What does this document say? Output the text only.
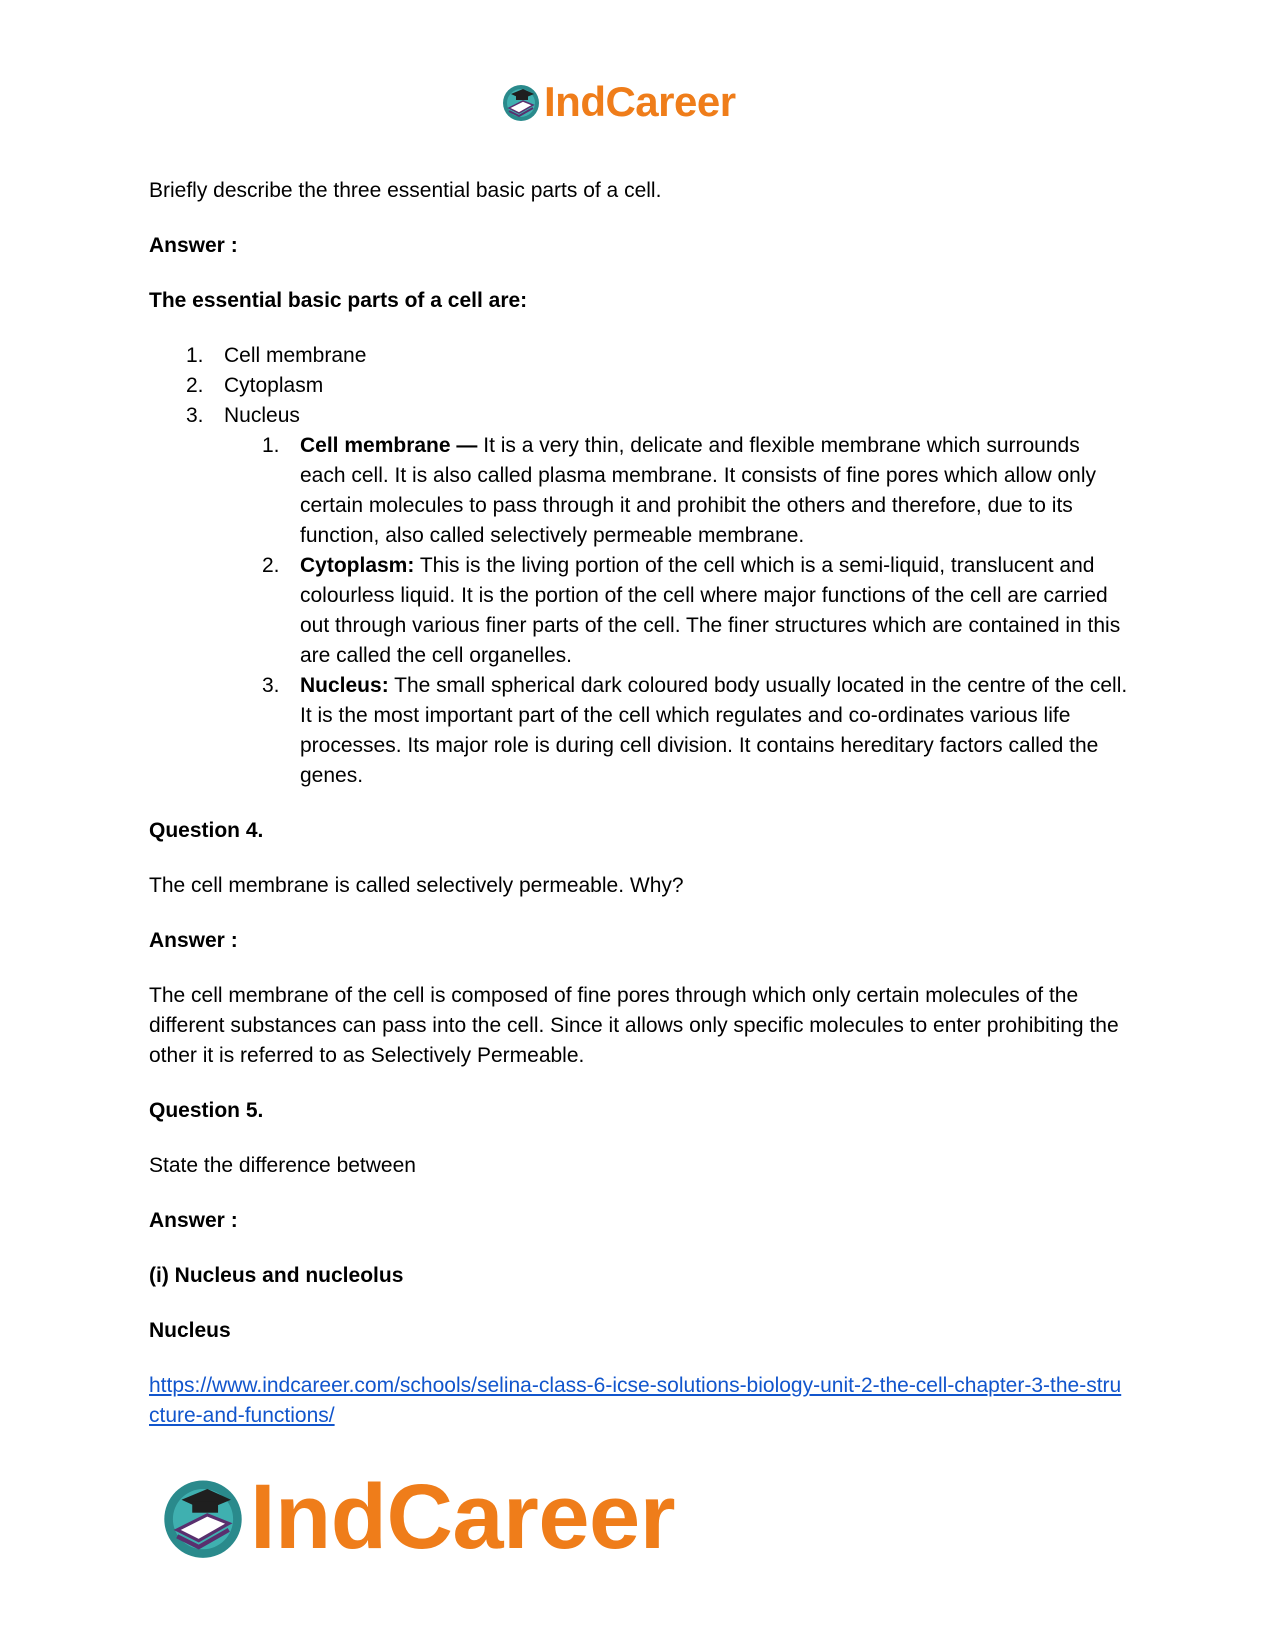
IndCareer

Briefly describe the three essential basic parts of a cell.

Answer :

The essential basic parts of a cell are:

1. Cell membrane
2. Cytoplasm
3. Nucleus
1. Cell membrane — It is a very thin, delicate and flexible membrane which surrounds each cell. It is also called plasma membrane. It consists of fine pores which allow only certain molecules to pass through it and prohibit the others and therefore, due to its function, also called selectively permeable membrane.
2. Cytoplasm: This is the living portion of the cell which is a semi-liquid, translucent and colourless liquid. It is the portion of the cell where major functions of the cell are carried out through various finer parts of the cell. The finer structures which are contained in this are called the cell organelles.
3. Nucleus: The small spherical dark coloured body usually located in the centre of the cell. It is the most important part of the cell which regulates and co-ordinates various life processes. Its major role is during cell division. It contains hereditary factors called the genes.

Question 4.

The cell membrane is called selectively permeable. Why?

Answer :

The cell membrane of the cell is composed of fine pores through which only certain molecules of the different substances can pass into the cell. Since it allows only specific molecules to enter prohibiting the other it is referred to as Selectively Permeable.

Question 5.

State the difference between

Answer :

(i) Nucleus and nucleolus

Nucleus

https://www.indcareer.com/schools/selina-class-6-icse-solutions-biology-unit-2-the-cell-chapter-3-the-structure-and-functions/
IndCareer
